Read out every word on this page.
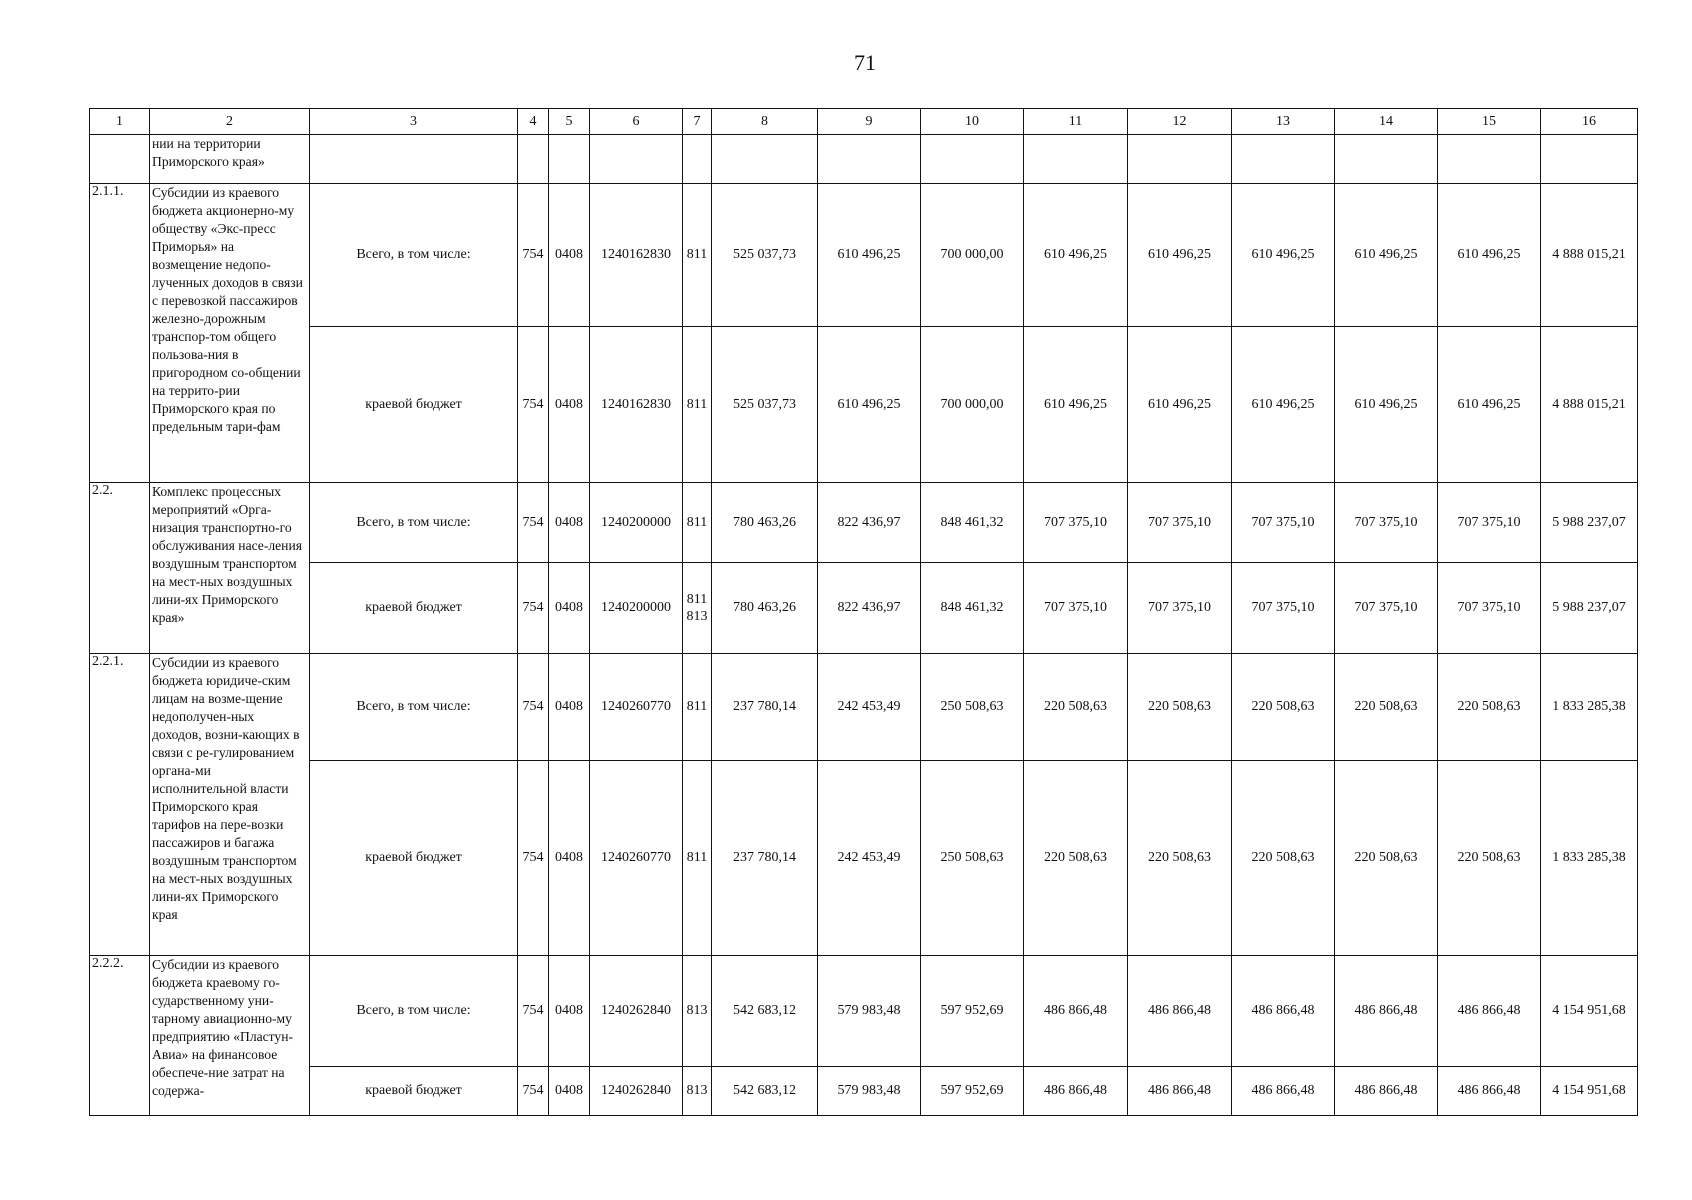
71
1	2	3	4	5	6	7	8	9	10	11	12	13	14	15	16
	нии на территории Приморского края»														
2.1.1.	Субсидии из краевого бюджета акционерно-му обществу «Экс-пресс Приморья» на возмещение недопо-лученных доходов в связи с перевозкой пассажиров железно-дорожным транспор-том общего пользова-ния в пригородном со-общении на террито-рии Приморского края по предельным тари-фам	Всего, в том числе:	754	0408	1240162830	811	525 037,73	610 496,25	700 000,00	610 496,25	610 496,25	610 496,25	610 496,25	610 496,25	4 888 015,21
		краевой бюджет	754	0408	1240162830	811	525 037,73	610 496,25	700 000,00	610 496,25	610 496,25	610 496,25	610 496,25	610 496,25	4 888 015,21
2.2.	Комплекс процессных мероприятий «Орга-низация транспортно-го обслуживания насе-ления воздушным транспортом на мест-ных воздушных лини-ях Приморского края»	Всего, в том числе:	754	0408	1240200000	811	780 463,26	822 436,97	848 461,32	707 375,10	707 375,10	707 375,10	707 375,10	707 375,10	5 988 237,07
		краевой бюджет	754	0408	1240200000	811 813	780 463,26	822 436,97	848 461,32	707 375,10	707 375,10	707 375,10	707 375,10	707 375,10	5 988 237,07
2.2.1.	Субсидии из краевого бюджета юридиче-ским лицам на возме-щение недополучен-ных доходов, возни-кающих в связи с ре-гулированием органа-ми исполнительной власти Приморского края тарифов на пере-возки пассажиров и багажа воздушным транспортом на мест-ных воздушных лини-ях Приморского края	Всего, в том числе:	754	0408	1240260770	811	237 780,14	242 453,49	250 508,63	220 508,63	220 508,63	220 508,63	220 508,63	220 508,63	1 833 285,38
		краевой бюджет	754	0408	1240260770	811	237 780,14	242 453,49	250 508,63	220 508,63	220 508,63	220 508,63	220 508,63	220 508,63	1 833 285,38
2.2.2.	Субсидии из краевого бюджета краевому го-сударственному уни-тарному авиационно-му предприятию «Пластун-Авиа» на финансовое обеспече-ние затрат на содержа-	Всего, в том числе:	754	0408	1240262840	813	542 683,12	579 983,48	597 952,69	486 866,48	486 866,48	486 866,48	486 866,48	486 866,48	4 154 951,68
		краевой бюджет	754	0408	1240262840	813	542 683,12	579 983,48	597 952,69	486 866,48	486 866,48	486 866,48	486 866,48	486 866,48	4 154 951,68
